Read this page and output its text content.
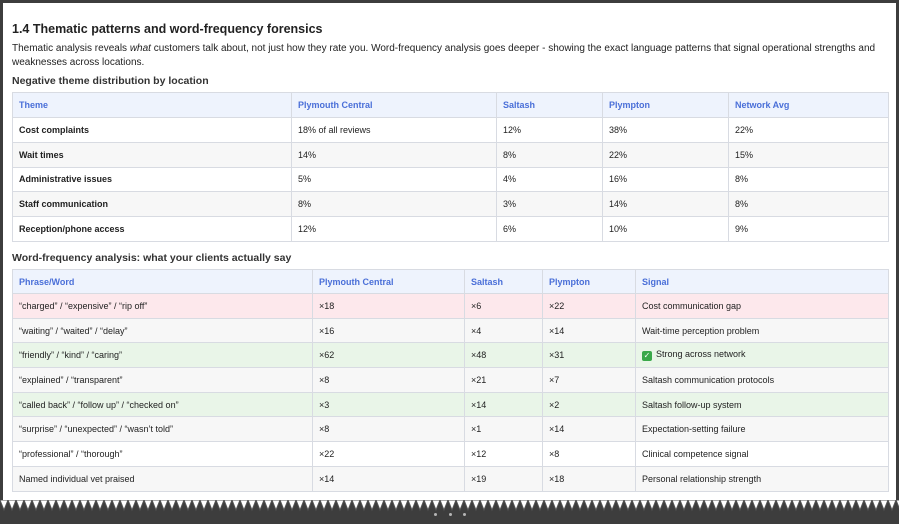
1.4 Thematic patterns and word-frequency forensics

Thematic analysis reveals what customers talk about, not just how they rate you. Word-frequency analysis goes deeper - showing the exact language patterns that signal operational strengths and weaknesses across locations.

Negative theme distribution by location
Theme	Plymouth Central	Saltash	Plympton	Network Avg
Cost complaints	18% of all reviews	12%	38%	22%
Wait times	14%	8%	22%	15%
Administrative issues	5%	4%	16%	8%
Staff communication	8%	3%	14%	8%
Reception/phone access	12%	6%	10%	9%
Word-frequency analysis: what your clients actually say
Phrase/Word	Plymouth Central	Saltash	Plympton	Signal
“charged” / “expensive” / “rip off”	×18	×6	×22	Cost communication gap
“waiting” / “waited” / “delay”	×16	×4	×14	Wait-time perception problem
“friendly” / “kind” / “caring”	×62	×48	×31	✓ Strong across network
“explained” / “transparent”	×8	×21	×7	Saltash communication protocols
“called back” / “follow up” / “checked on”	×3	×14	×2	Saltash follow-up system
“surprise” / “unexpected” / “wasn’t told”	×8	×1	×14	Expectation-setting failure
“professional” / “thorough”	×22	×12	×8	Clinical competence signal
Named individual vet praised	×14	×19	×18	Personal relationship strength
